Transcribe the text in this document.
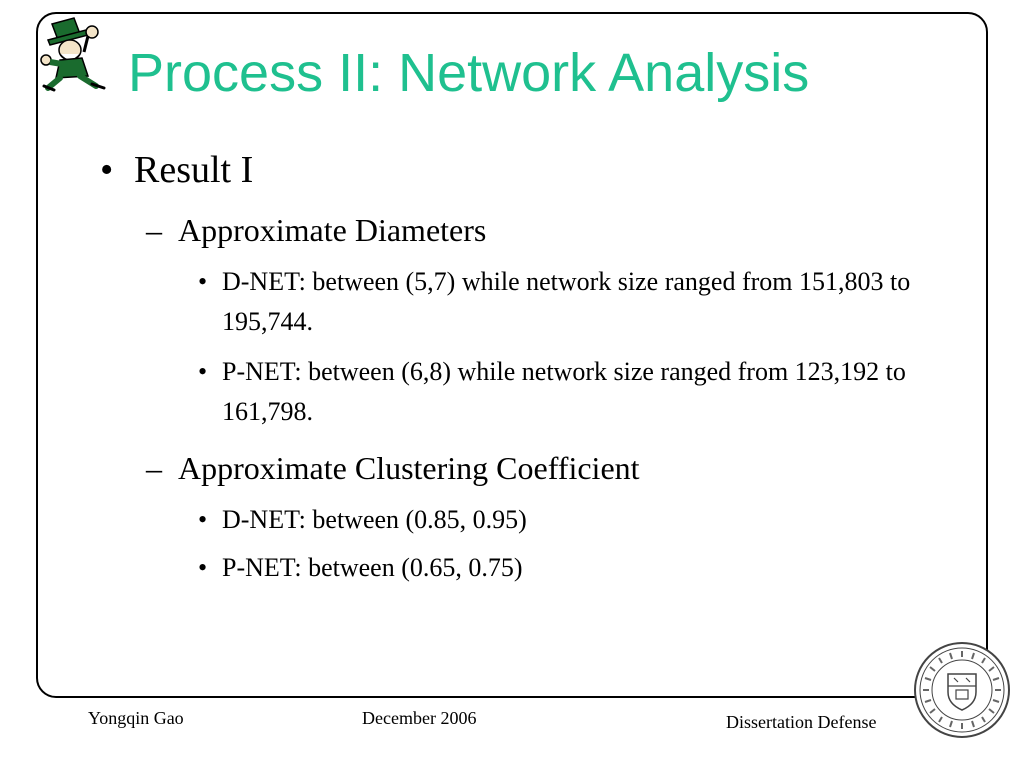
Process II: Network Analysis
• Result I
– Approximate Diameters
• D-NET: between (5,7) while network size ranged from 151,803 to 195,744.
• P-NET: between (6,8) while network size ranged from 123,192 to 161,798.
– Approximate Clustering Coefficient
• D-NET: between (0.85, 0.95)
• P-NET: between (0.65, 0.75)
Yongqin Gao	December 2006	Dissertation Defense
